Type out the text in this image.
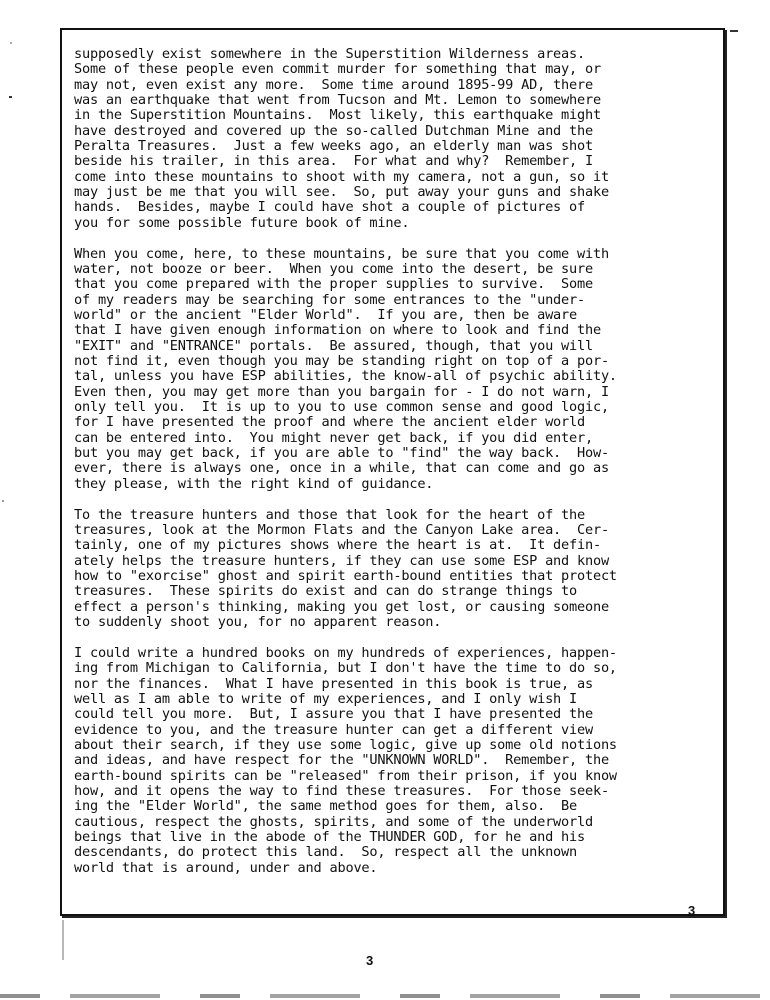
supposedly exist somewhere in the Superstition Wilderness areas.
Some of these people even commit murder for something that may, or
may not, even exist any more.  Some time around 1895-99 AD, there
was an earthquake that went from Tucson and Mt. Lemon to somewhere
in the Superstition Mountains.  Most likely, this earthquake might
have destroyed and covered up the so-called Dutchman Mine and the
Peralta Treasures.  Just a few weeks ago, an elderly man was shot
beside his trailer, in this area.  For what and why?  Remember, I
come into these mountains to shoot with my camera, not a gun, so it
may just be me that you will see.  So, put away your guns and shake
hands.  Besides, maybe I could have shot a couple of pictures of
you for some possible future book of mine.
When you come, here, to these mountains, be sure that you come with
water, not booze or beer.  When you come into the desert, be sure
that you come prepared with the proper supplies to survive.  Some
of my readers may be searching for some entrances to the "under-
world" or the ancient "Elder World".  If you are, then be aware
that I have given enough information on where to look and find the
"EXIT" and "ENTRANCE" portals.  Be assured, though, that you will
not find it, even though you may be standing right on top of a por-
tal, unless you have ESP abilities, the know-all of psychic ability.
Even then, you may get more than you bargain for - I do not warn, I
only tell you.  It is up to you to use common sense and good logic,
for I have presented the proof and where the ancient elder world
can be entered into.  You might never get back, if you did enter,
but you may get back, if you are able to "find" the way back.  How-
ever, there is always one, once in a while, that can come and go as
they please, with the right kind of guidance.
To the treasure hunters and those that look for the heart of the
treasures, look at the Mormon Flats and the Canyon Lake area.  Cer-
tainly, one of my pictures shows where the heart is at.  It defin-
ately helps the treasure hunters, if they can use some ESP and know
how to "exorcise" ghost and spirit earth-bound entities that protect
treasures.  These spirits do exist and can do strange things to
effect a person's thinking, making you get lost, or causing someone
to suddenly shoot you, for no apparent reason.
I could write a hundred books on my hundreds of experiences, happen-
ing from Michigan to California, but I don't have the time to do so,
nor the finances.  What I have presented in this book is true, as
well as I am able to write of my experiences, and I only wish I
could tell you more.  But, I assure you that I have presented the
evidence to you, and the treasure hunter can get a different view
about their search, if they use some logic, give up some old notions
and ideas, and have respect for the "UNKNOWN WORLD".  Remember, the
earth-bound spirits can be "released" from their prison, if you know
how, and it opens the way to find these treasures.  For those seek-
ing the "Elder World", the same method goes for them, also.  Be
cautious, respect the ghosts, spirits, and some of the underworld
beings that live in the abode of the THUNDER GOD, for he and his
descendants, do protect this land.  So, respect all the unknown
world that is around, under and above.
3
3
